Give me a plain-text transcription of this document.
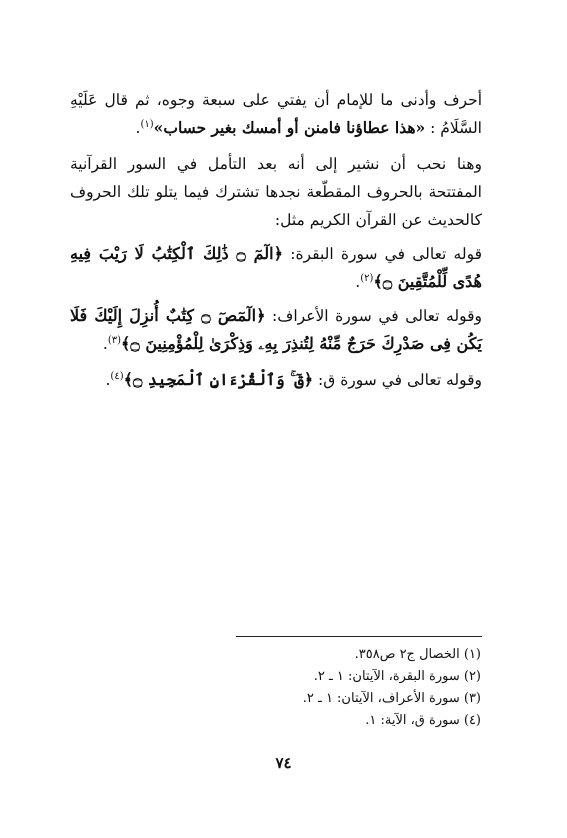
أحرف وأدنى ما للإمام أن يفتي على سبعة وجوه، ثم قال عَلَيْهِ السَّلَامُ : «هذا عطاؤنا فامنن أو أمسك بغير حساب»$^{(١)}$.
وهنا نحب أن نشير إلى أنه بعد التأمل في السور القرآنية المفتتحة بالحروف المقطّعة نجدها تشترك فيما يتلو تلك الحروف كالحديث عن القرآن الكريم مثل:
قوله تعالى في سورة البقرة: ﴿الٓمٓ ۝ ذَٰلِكَ ٱلْكِتَٰبُ لَا رَيْبَ فِيهِ هُدًى لِّلْمُتَّقِينَ ۝﴾$^{(٢)}$.
وقوله تعالى في سورة الأعراف: ﴿الٓمٓصٓ ۝ كِتَٰبٌ أُنزِلَ إِلَيْكَ فَلَا يَكُن فِى صَدْرِكَ حَرَجٌ مِّنْهُ لِتُنذِرَ بِهِۦ وَذِكْرَىٰ لِلْمُؤْمِنِينَ ۝﴾$^{(٣)}$.
وقوله تعالى في سورة ق: ﴿قٓ ۚ وَٱلْقُرْءَانِ ٱلْمَجِيدِ ۝﴾$^{(٤)}$.
(١) الخصال ج٢ ص٣٥٨.
(٢) سورة البقرة، الآيتان: ١ ـ ٢.
(٣) سورة الأعراف، الآيتان: ١ ـ ٢.
(٤) سورة ق، الآية: ١.
٧٤
